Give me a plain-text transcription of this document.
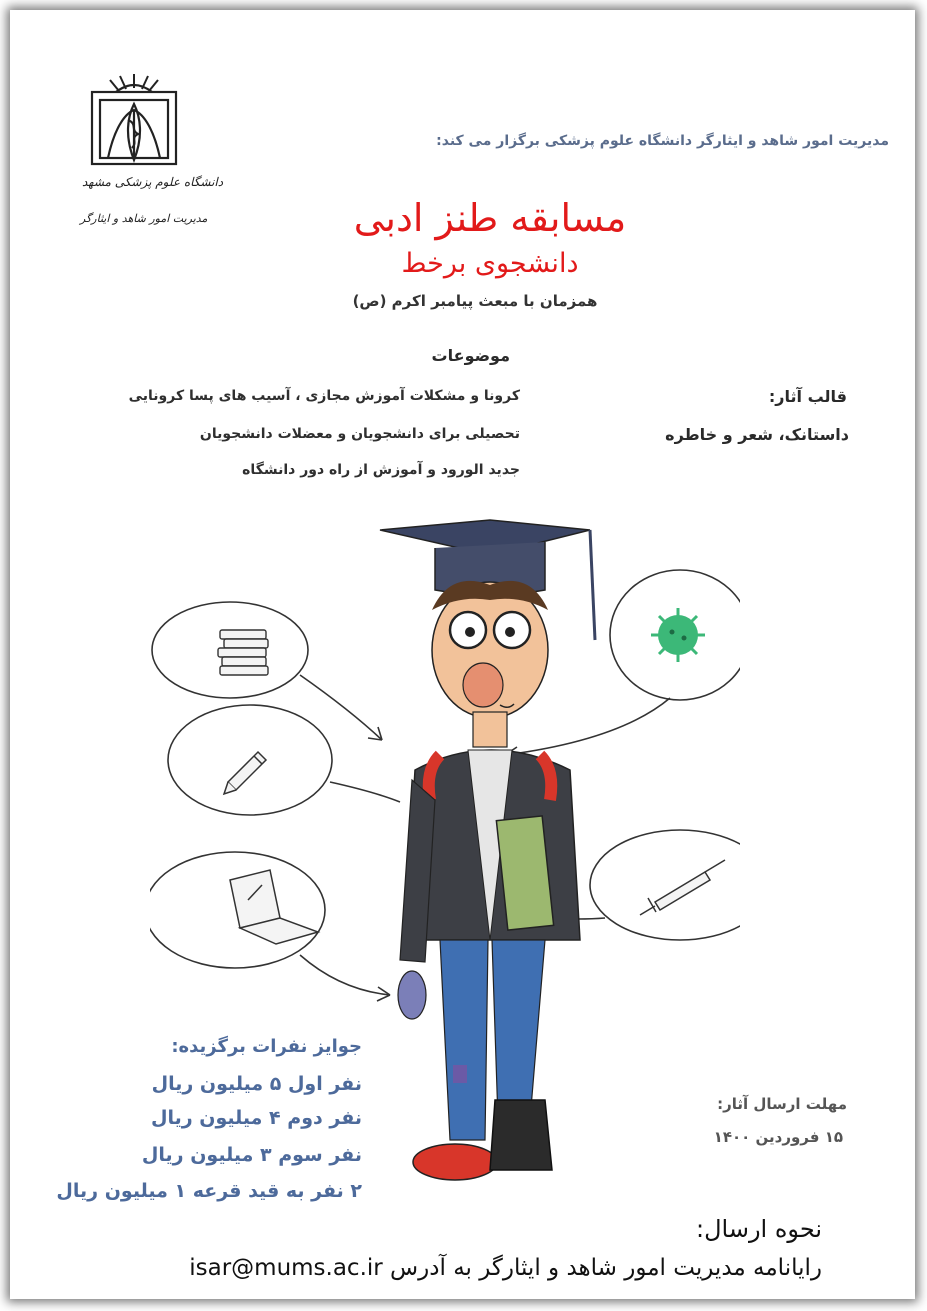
دانشگاه علوم پزشکی مشهد
مدیریت امور شاهد و ایثارگر
مدیریت امور شاهد و ایثارگر دانشگاه علوم پزشکی برگزار می کند:
مسابقه طنز ادبی
دانشجوی برخط
همزمان با مبعث پیامبر اکرم (ص)
موضوعات
کرونا و مشکلات آموزش مجازی ، آسیب های پسا کرونایی
تحصیلی برای دانشجویان و معضلات دانشجویان
جدید الورود و آموزش از راه دور دانشگاه
قالب آثار:
داستانک، شعر و خاطره
جوایز نفرات برگزیده:
نفر اول ۵ میلیون ریال
نفر دوم ۴ میلیون ریال
نفر سوم ۳ میلیون ریال
۲ نفر به قید قرعه ۱ میلیون ریال
مهلت ارسال آثار:
۱۵ فروردین ۱۴۰۰
نحوه ارسال:
رایانامه مدیریت امور شاهد و ایثارگر به آدرس isar@mums.ac.ir
